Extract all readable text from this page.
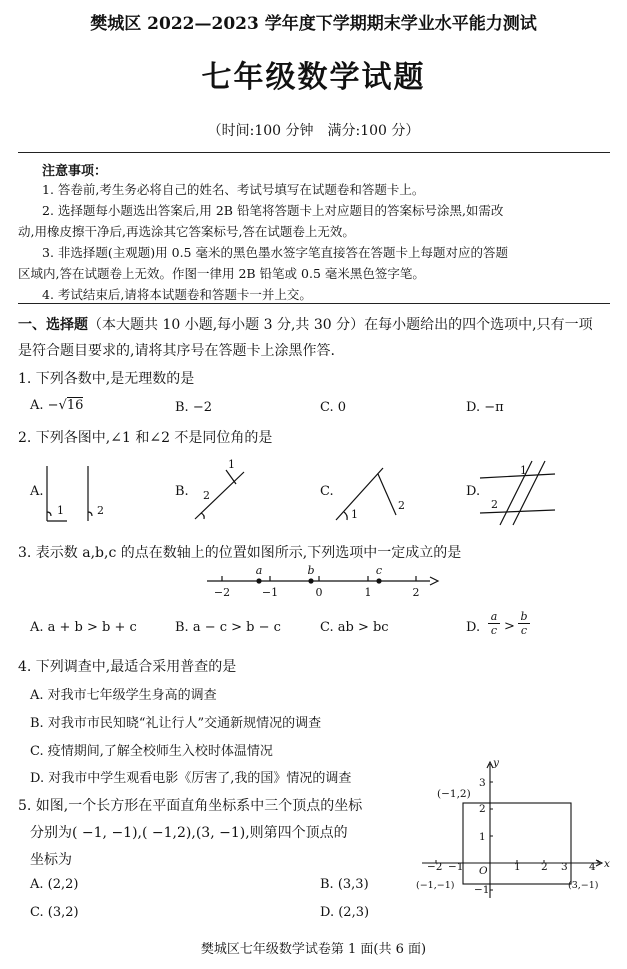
樊城区 2022—2023 学年度下学期期末学业水平能力测试
七年级数学试题
（时间:100 分钟　满分:100 分）
注意事项：
1. 答卷前,考生务必将自己的姓名、考试号填写在试题卷和答题卡上。
2. 选择题每小题选出答案后,用 2B 铅笔将答题卡上对应题目的答案标号涂黑,如需改
动,用橡皮擦干净后,再选涂其它答案标号,答在试题卷上无效。
3. 非选择题(主观题)用 0.5 毫米的黑色墨水签字笔直接答在答题卡上每题对应的答题
区域内,答在试题卷上无效。作图一律用 2B 铅笔或 0.5 毫米黑色签字笔。
4. 考试结束后,请将本试题卷和答题卡一并上交。
一、选择题（本大题共 10 小题,每小题 3 分,共 30 分）在每小题给出的四个选项中,只有一项
是符合题目要求的,请将其序号在答题卡上涂黑作答.
1. 下列各数中,是无理数的是
A. −√16	B. −2	C. 0	D. −π
2. 下列各图中,∠1 和∠2 不是同位角的是
A.	B.	C.	D.
1	2
1
2
1
2
1
2
3. 表示数 a,b,c 的点在数轴上的位置如图所示,下列选项中一定成立的是
−2	−1	0	1	2
a	b	c
A. a + b > b + c	B. a − c > b − c	C. ab > bc	D. $\frac{a}{c} > \frac{b}{c}$
4. 下列调查中,最适合采用普查的是
A. 对我市七年级学生身高的调查
B. 对我市市民知晓“礼让行人”交通新规情况的调查
C. 疫情期间,了解全校师生入校时体温情况
D. 对我市中学生观看电影《厉害了,我的国》情况的调查
5. 如图,一个长方形在平面直角坐标系中三个顶点的坐标
分别为( −1, −1),( −1,2),(3, −1),则第四个顶点的
坐标为
A. (2,2)	B. (3,3)
C. (3,2)	D. (2,3)
y
x
O
3
2
1
−1
−2 −1	1 2 3 4
(−1,2)
(−1,−1)	(3,−1)
樊城区七年级数学试卷第 1 面(共 6 面)
